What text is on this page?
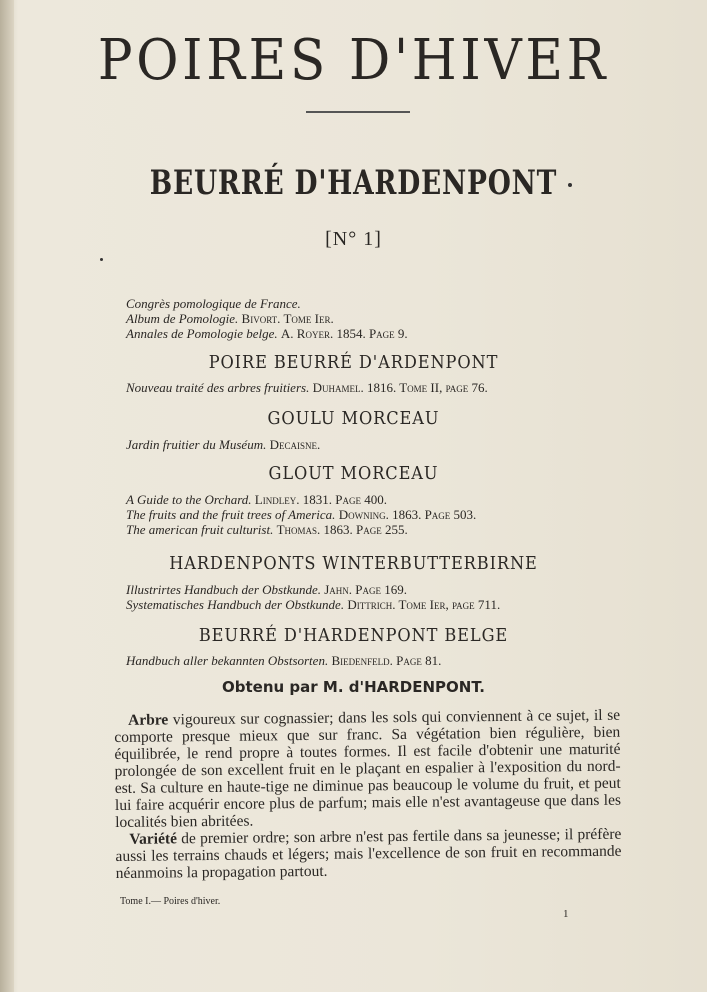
POIRES D'HIVER
BEURRÉ D'HARDENPONT
[N° 1]
Congrès pomologique de France.
Album de Pomologie. Bivort. Tome Ier.
Annales de Pomologie belge. A. Royer. 1854. Page 9.
POIRE BEURRÉ D'ARDENPONT
Nouveau traité des arbres fruitiers. Duhamel. 1816. Tome II, page 76.
GOULU MORCEAU
Jardin fruitier du Muséum. Decaisne.
GLOUT MORCEAU
A Guide to the Orchard. Lindley. 1831. Page 400.
The fruits and the fruit trees of America. Downing. 1863. Page 503.
The american fruit culturist. Thomas. 1863. Page 255.
HARDENPONTS WINTERBUTTERBIRNE
Illustrirtes Handbuch der Obstkunde. Jahn. Page 169.
Systematisches Handbuch der Obstkunde. Dittrich. Tome Ier, page 711.
BEURRÉ D'HARDENPONT BELGE
Handbuch aller bekannten Obstsorten. Biedenfeld. Page 81.
Obtenu par M. d'HARDENPONT.

Arbre vigoureux sur cognassier; dans les sols qui conviennent à ce sujet, il se comporte presque mieux que sur franc. Sa végétation bien régulière, bien équilibrée, le rend propre à toutes formes. Il est facile d'obtenir une maturité prolongée de son excellent fruit en le plaçant en espalier à l'exposition du nord-est. Sa culture en haute-tige ne diminue pas beaucoup le volume du fruit, et peut lui faire acquérir encore plus de parfum; mais elle n'est avantageuse que dans les localités bien abritées.

Variété de premier ordre; son arbre n'est pas fertile dans sa jeunesse; il préfère aussi les terrains chauds et légers; mais l'excellence de son fruit en recommande néanmoins la propagation partout.

Tome I.— Poires d'hiver.
1
